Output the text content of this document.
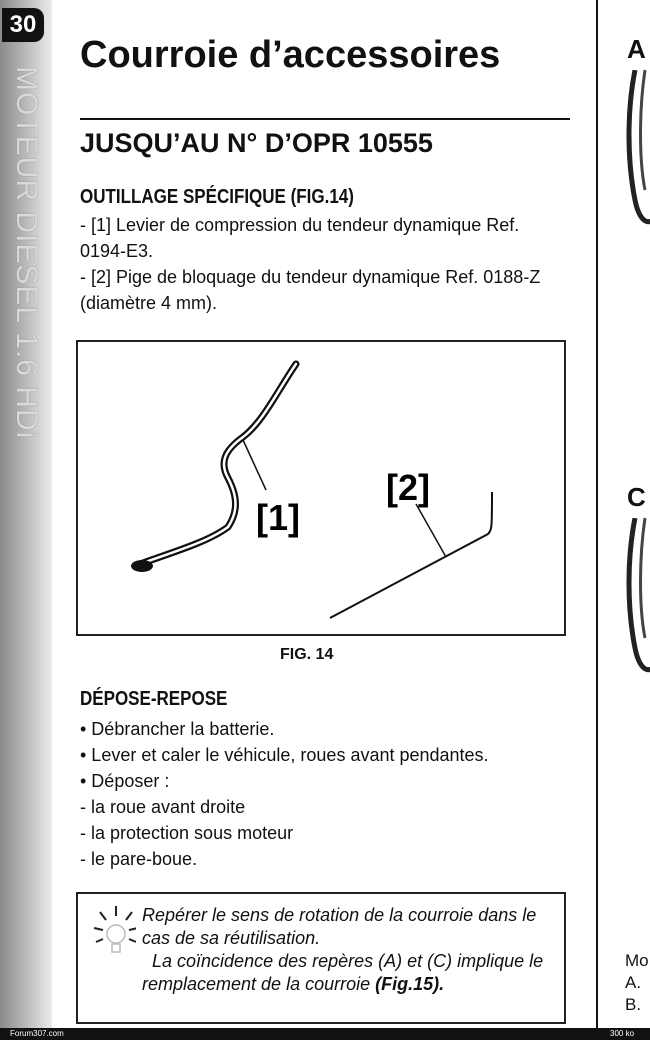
30
MOTEUR DIESEL 1.6 HDi
Courroie d’accessoires
JUSQU’AU N° D’OPR 10555
OUTILLAGE SPÉCIFIQUE (FIG.14)

- [1] Levier de compression du tendeur dynamique Ref. 0194-E3.

- [2] Pige de bloquage du tendeur dynamique Ref. 0188-Z (diamètre 4 mm).

[1]
[2]
FIG. 14
DÉPOSE-REPOSE
• Débrancher la batterie.
• Lever et caler le véhicule, roues avant pendantes.
• Déposer :
- la roue avant droite
- la protection sous moteur
- le pare-boue.
Repérer le sens de rotation de la courroie dans le cas de sa réutilisation.
La coïncidence des repères (A) et (C) implique le remplacement de la courroie (Fig.15).
A
C
Mo
A.
B.
Forum307.com	300 ko
